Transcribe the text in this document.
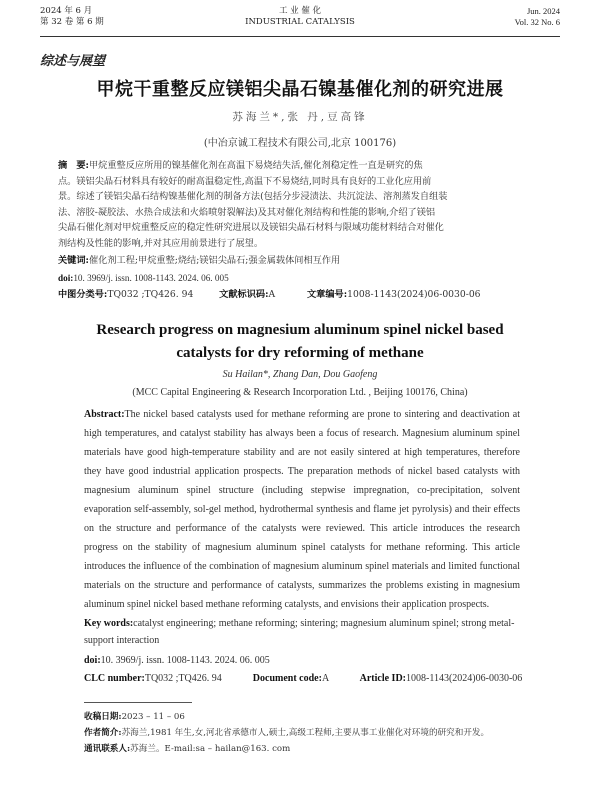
2024 年 6 月
第 32 卷 第 6 期
工 业 催 化
INDUSTRIAL CATALYSIS
Jun. 2024
Vol. 32 No. 6
综述与展望
甲烷干重整反应镁铝尖晶石镍基催化剂的研究进展
苏海兰*,张 丹,豆高锋
(中冶京诚工程技术有限公司,北京 100176)
摘　要:甲烷重整反应所用的镍基催化剂在高温下易烧结失活,催化剂稳定性一直是研究的焦
点。镁铝尖晶石材料具有较好的耐高温稳定性,高温下不易烧结,同时具有良好的工业化应用前
景。综述了镁铝尖晶石结构镍基催化剂的制备方法(包括分步浸渍法、共沉淀法、溶剂蒸发自组装
法、溶胶-凝胶法、水热合成法和火焰喷射裂解法)及其对催化剂结构和性能的影响,介绍了镁铝
尖晶石催化剂对甲烷重整反应的稳定性研究进展以及镁铝尖晶石材料与限域功能材料结合对催化
剂结构及性能的影响,并对其应用前景进行了展望。
关键词:催化剂工程;甲烷重整;烧结;镁铝尖晶石;强金属载体间相互作用
doi:10. 3969/j. issn. 1008-1143. 2024. 06. 005
中图分类号:TQ032 ;TQ426. 94	文献标识码:A	文章编号:1008-1143(2024)06-0030-06
Research progress on magnesium aluminum spinel nickel based
catalysts for dry reforming of methane
Su Hailan*, Zhang Dan, Dou Gaofeng
(MCC Capital Engineering & Research Incorporation Ltd. , Beijing 100176, China)
Abstract:The nickel based catalysts used for methane reforming are prone to sintering and deactivation at high temperatures, and catalyst stability has always been a focus of research. Magnesium aluminum spinel materials have good high-temperature stability and are not easily sintered at high temperatures, therefore they have good industrial application prospects. The preparation methods of nickel based catalysts with magnesium aluminum spinel structure (including stepwise impregnation, co-precipitation, solvent evaporation self-assembly, sol-gel method, hydrothermal synthesis and flame jet pyrolysis) and their effects on the structure and performance of the catalysts were reviewed. This article introduces the research progress on the stability of magnesium aluminum spinel catalysts for methane reforming. This article introduces the influence of the combination of magnesium aluminum spinel materials and limited functional materials on the structure and performance of catalysts, summarizes the problems existing in magnesium aluminum spinel nickel based methane reforming catalysts, and envisions their application prospects.
Key words:catalyst engineering; methane reforming; sintering; magnesium aluminum spinel; strong metal-support interaction
doi:10. 3969/j. issn. 1008-1143. 2024. 06. 005
CLC number:TQ032 ;TQ426. 94	Document code:A	Article ID:1008-1143(2024)06-0030-06
收稿日期:2023 – 11 – 06
作者简介:苏海兰,1981 年生,女,河北省承德市人,硕士,高级工程师,主要从事工业催化对环境的研究和开发。
通讯联系人:苏海兰。E-mail:sa – hailan@163. com
